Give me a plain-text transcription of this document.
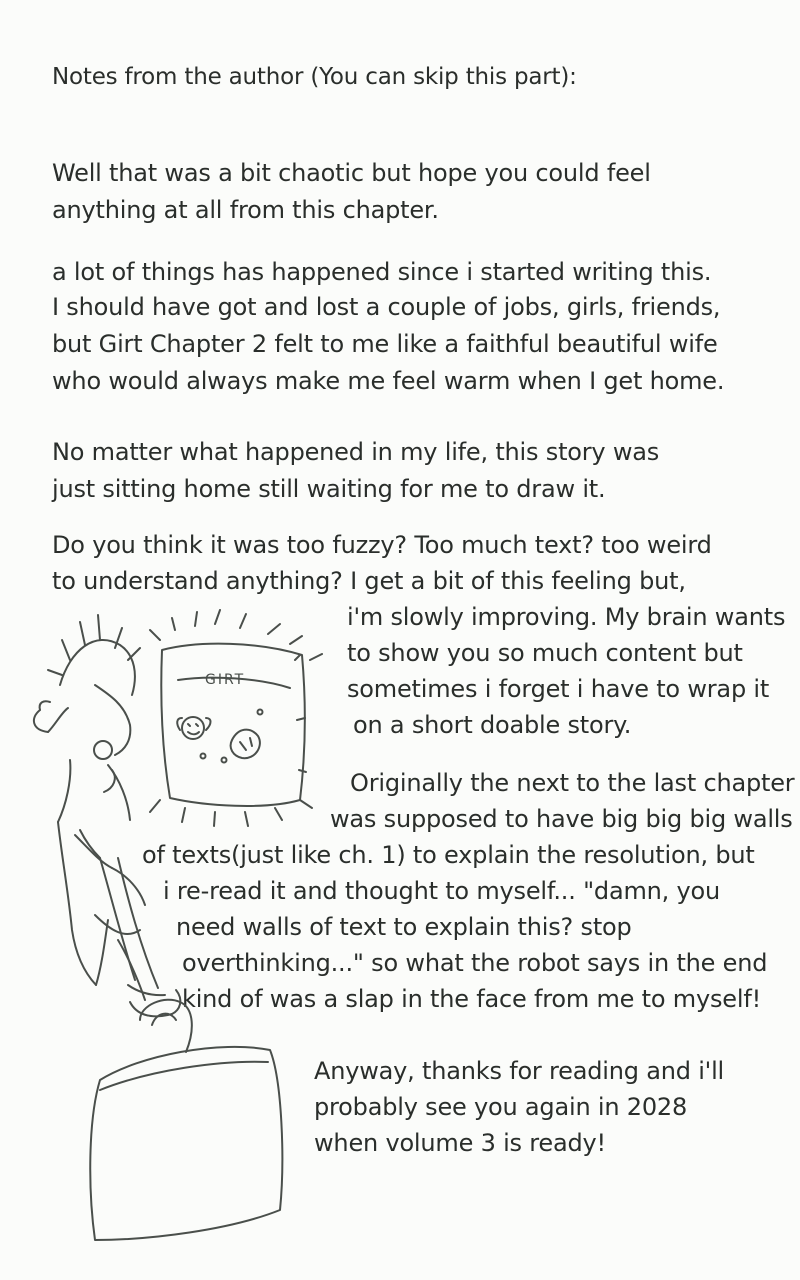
Notes from the author (You can skip this part):
Well that was a bit chaotic but hope you could feel
anything at all from this chapter.
a lot of things has happened since i started writing this.
I should have got and lost a couple of jobs, girls, friends,
but Girt Chapter 2 felt to me like a faithful beautiful wife
who would always make me feel warm when I get home.
No matter what happened in my life, this story was
just sitting home still waiting for me to draw it.
Do you think it was too fuzzy? Too much text? too weird
to understand anything? I get a bit of this feeling but,
i'm slowly improving. My brain wants
to show you so much content but
sometimes i forget i have to wrap it
on a short doable story.
Originally the next to the last chapter
was supposed to have big big big walls
of texts(just like ch. 1) to explain the resolution, but
i re-read it and thought to myself... "damn, you
need walls of text to explain this? stop
overthinking..." so what the robot says in the end
kind of was a slap in the face from me to myself!
Anyway, thanks for reading and i'll
probably see you again in 2028
when volume 3 is ready!
GIRT
